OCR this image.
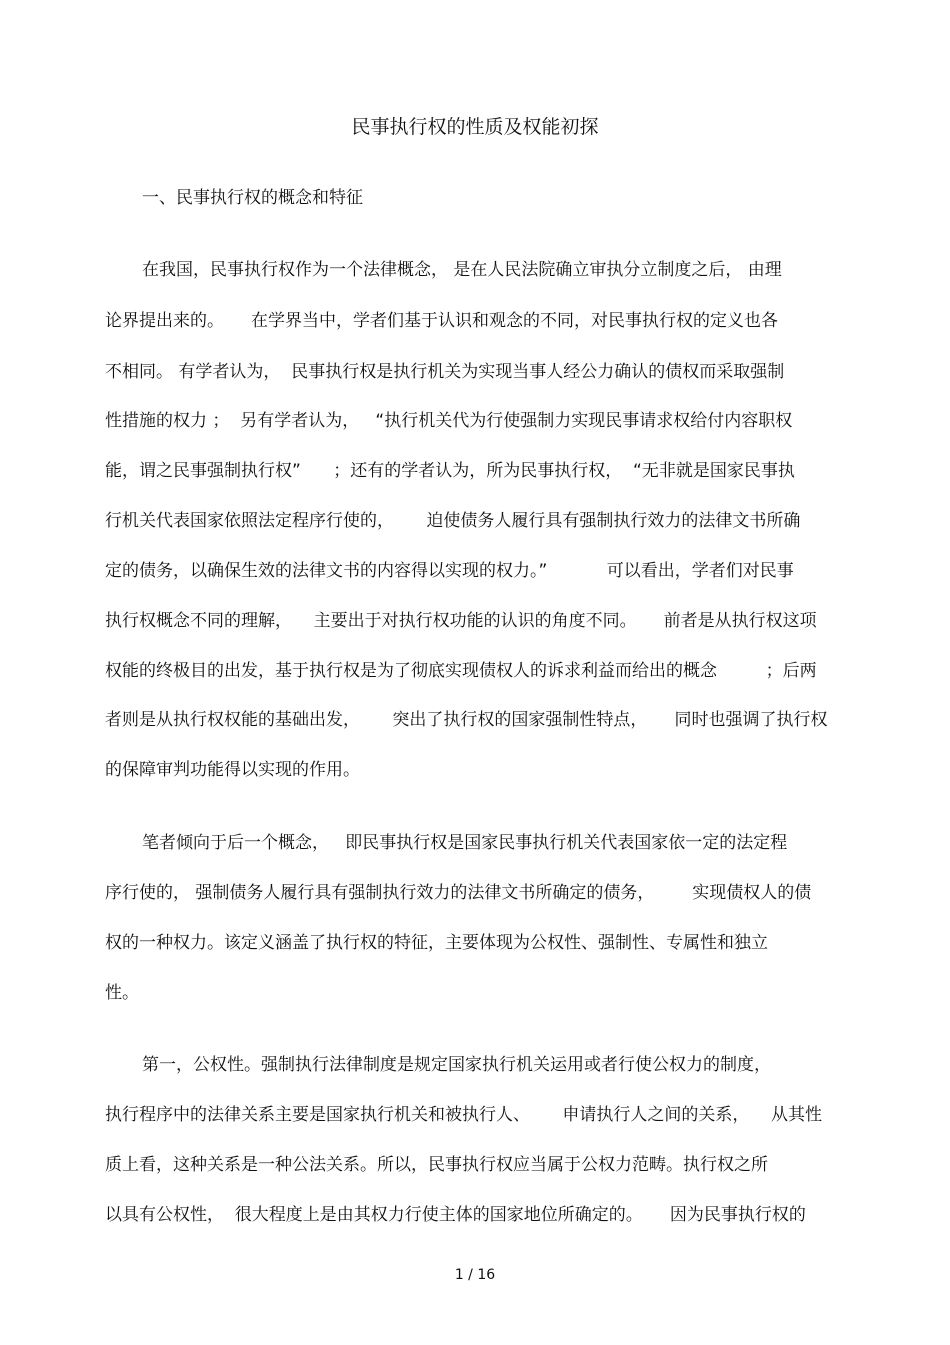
民事执行权的性质及权能初探
一、民事执行权的概念和特征
在我国，民事执行权作为一个法律概念， 是在人民法院确立审执分立制度之后， 由理
论界提出来的。     在学界当中，学者们基于认识和观念的不同，对民事执行权的定义也各
不相同。 有学者认为，  民事执行权是执行机关为实现当事人经公力确认的债权而采取强制
性措施的权力 ；  另有学者认为，   “执行机关代为行使强制力实现民事请求权给付内容职权
能，谓之民事强制执行权”      ；还有的学者认为，所为民事执行权，  “无非就是国家民事执
行机关代表国家依照法定程序行使的，      迫使债务人履行具有强制执行效力的法律文书所确
定的债务，以确保生效的法律文书的内容得以实现的权力。”           可以看出，学者们对民事
执行权概念不同的理解，    主要出于对执行权功能的认识的角度不同。     前者是从执行权这项
权能的终极目的出发，基于执行权是为了彻底实现债权人的诉求利益而给出的概念         ；后两
者则是从执行权权能的基础出发，      突出了执行权的国家强制性特点，     同时也强调了执行权
的保障审判功能得以实现的作用。
笔者倾向于后一个概念，   即民事执行权是国家民事执行机关代表国家依一定的法定程
序行使的， 强制债务人履行具有强制执行效力的法律文书所确定的债务，       实现债权人的债
权的一种权力。该定义涵盖了执行权的特征，主要体现为公权性、强制性、专属性和独立
性。
第一，公权性。强制执行法律制度是规定国家执行机关运用或者行使公权力的制度，
执行程序中的法律关系主要是国家执行机关和被执行人、      申请执行人之间的关系，    从其性
质上看，这种关系是一种公法关系。所以，民事执行权应当属于公权力范畴。执行权之所
以具有公权性，  很大程度上是由其权力行使主体的国家地位所确定的。     因为民事执行权的
1 / 16
